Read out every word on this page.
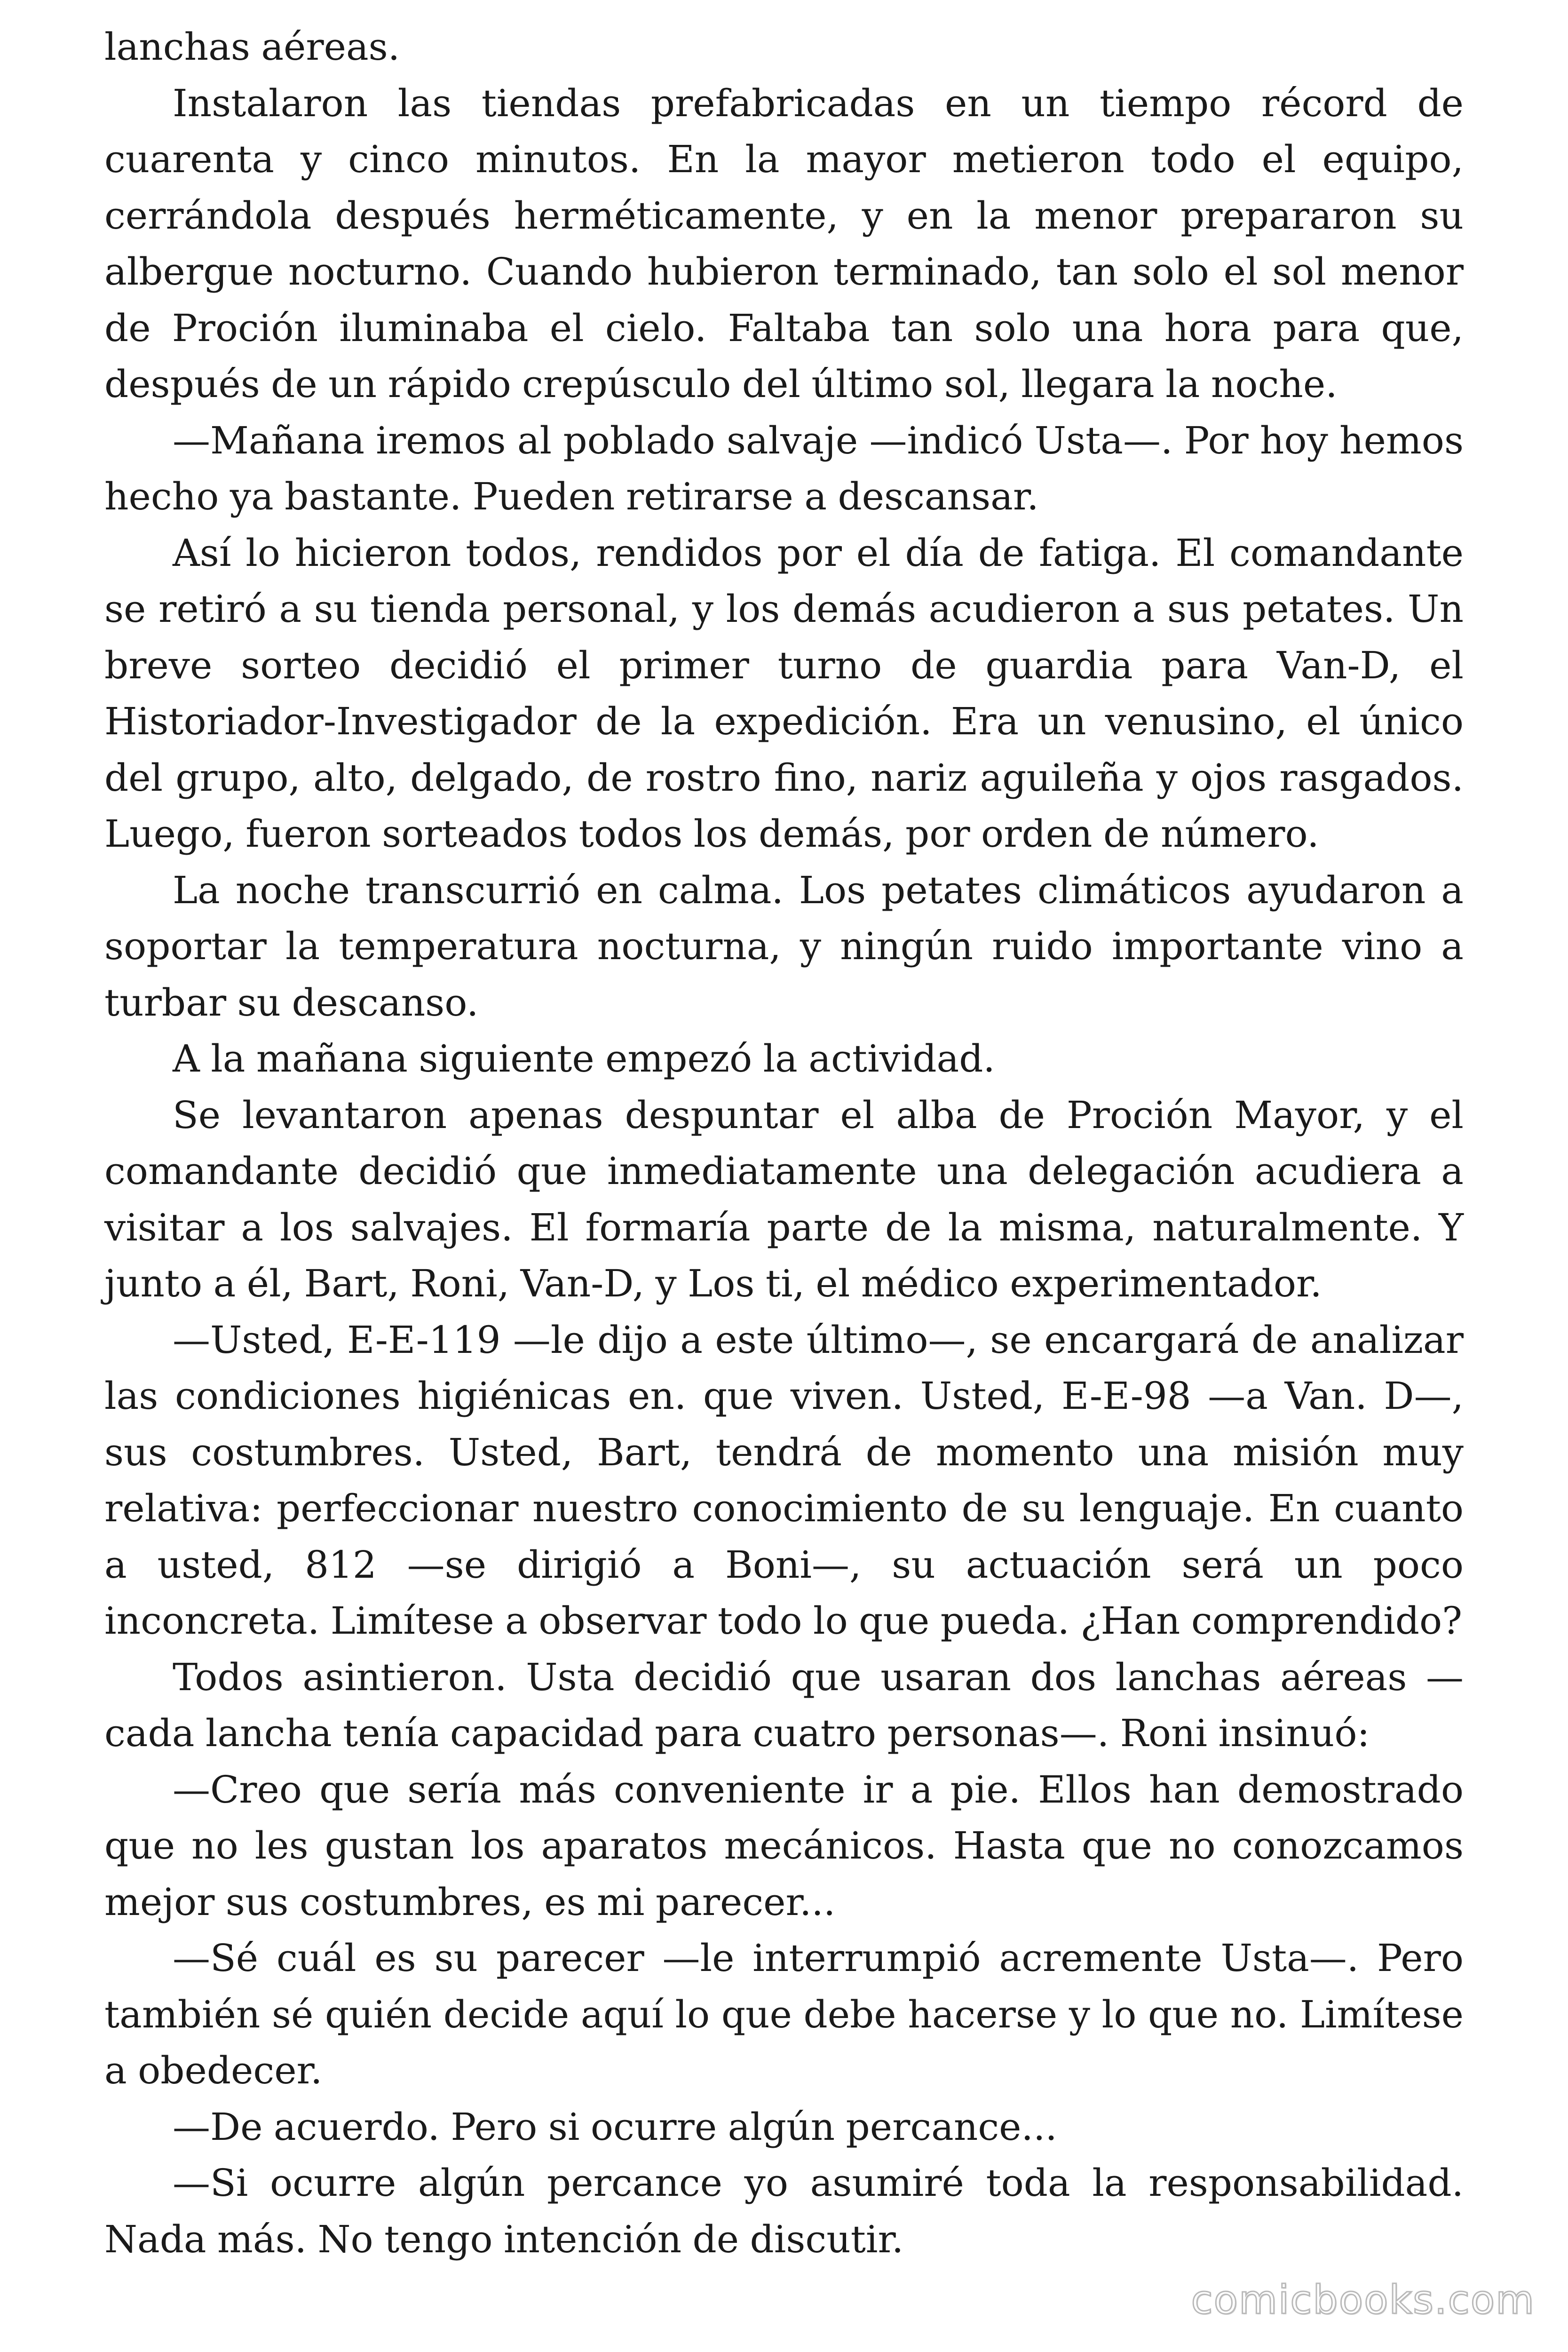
lanchas aéreas.

Instalaron las tiendas prefabricadas en un tiempo récord de cuarenta y cinco minutos. En la mayor metieron todo el equipo, cerrándola después herméticamente, y en la menor prepararon su albergue nocturno. Cuando hubieron terminado, tan solo el sol menor de Proción iluminaba el cielo. Faltaba tan solo una hora para que, después de un rápido crepúsculo del último sol, llegara la noche.

—Mañana iremos al poblado salvaje —indicó Usta—. Por hoy hemos hecho ya bastante. Pueden retirarse a descansar.

Así lo hicieron todos, rendidos por el día de fatiga. El comandante se retiró a su tienda personal, y los demás acudieron a sus petates. Un breve sorteo decidió el primer turno de guardia para Van-D, el Historiador-Investigador de la expedición. Era un venusino, el único del grupo, alto, delgado, de rostro fino, nariz aguileña y ojos rasgados. Luego, fueron sorteados todos los demás, por orden de número.

La noche transcurrió en calma. Los petates climáticos ayudaron a soportar la temperatura nocturna, y ningún ruido importante vino a turbar su descanso.

A la mañana siguiente empezó la actividad.

Se levantaron apenas despuntar el alba de Proción Mayor, y el comandante decidió que inmediatamente una delegación acudiera a visitar a los salvajes. El formaría parte de la misma, naturalmente. Y junto a él, Bart, Roni, Van-D, y Los ti, el médico experimentador.

—Usted, E-E-119 —le dijo a este último—, se encargará de analizar las condiciones higiénicas en. que viven. Usted, E-E-98 —a Van. D—, sus costumbres. Usted, Bart, tendrá de momento una misión muy relativa: perfeccionar nuestro conocimiento de su lenguaje. En cuanto a usted, 812 —se dirigió a Boni—, su actuación será un poco inconcreta. Limítese a observar todo lo que pueda. ¿Han comprendido?

Todos asintieron. Usta decidió que usaran dos lanchas aéreas —cada lancha tenía capacidad para cuatro personas—. Roni insinuó:

—Creo que sería más conveniente ir a pie. Ellos han demostrado que no les gustan los aparatos mecánicos. Hasta que no conozcamos mejor sus costumbres, es mi parecer...

—Sé cuál es su parecer —le interrumpió acremente Usta—. Pero también sé quién decide aquí lo que debe hacerse y lo que no. Limítese a obedecer.

—De acuerdo. Pero si ocurre algún percance...

—Si ocurre algún percance yo asumiré toda la responsabilidad. Nada más. No tengo intención de discutir.

comicbooks.com
